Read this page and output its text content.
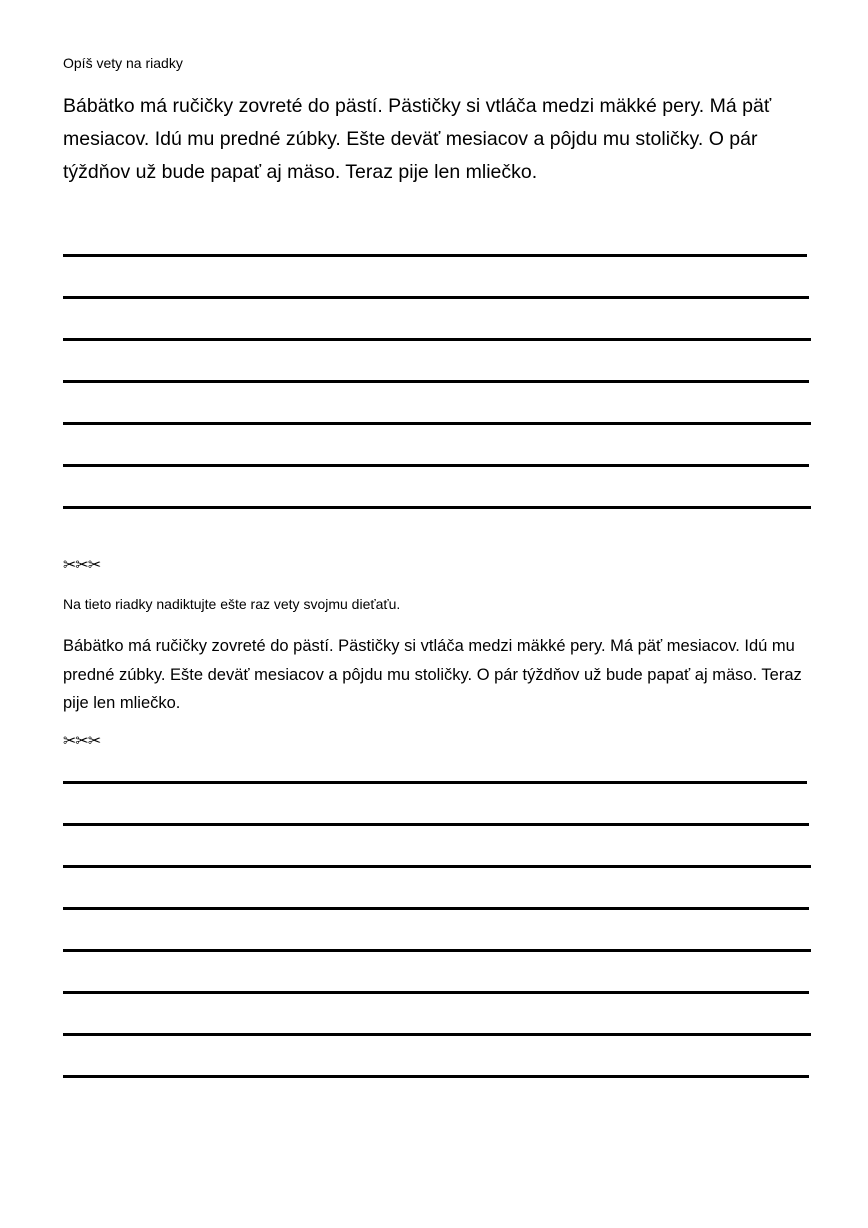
Opíš vety na riadky
Bábätko má ručičky zovreté do pästí. Pästičky si vtláča medzi mäkké pery. Má päť mesiacov. Idú mu predné zúbky. Ešte deväť mesiacov a pôjdu mu stoličky. O pár týždňov už bude papať aj mäso. Teraz pije len mliečko.
✂✂✂
Na tieto riadky nadiktujte ešte raz vety svojmu dieťaťu.
Bábätko má ručičky zovreté do pästí. Pästičky si vtláča medzi mäkké pery. Má päť mesiacov. Idú mu predné zúbky. Ešte deväť mesiacov a pôjdu mu stoličky. O pár týždňov už bude papať aj mäso. Teraz pije len mliečko.
✂✂✂
